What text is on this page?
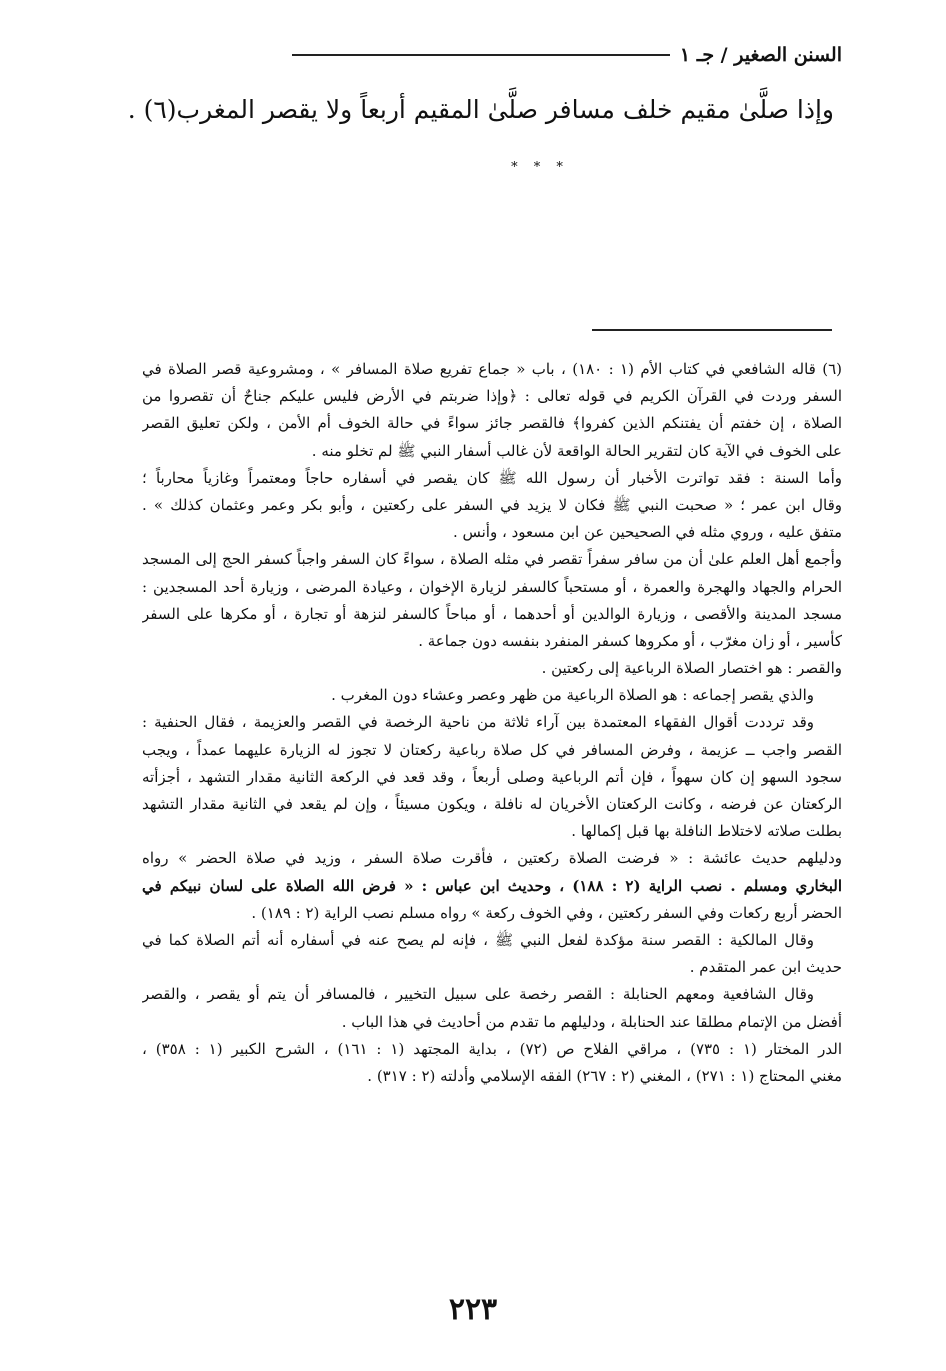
السنن الصغير / جـ ١
وإذا صلَّىٰ مقيم خلف مسافر صلَّىٰ المقيم أربعاً ولا يقصر المغرب(٦) .
* * *

(٦) قاله الشافعي في كتاب الأم (١ : ١٨٠) ، باب « جماع تفريع صلاة المسافر » ، ومشروعية قصر الصلاة في

السفر وردت في القرآن الكريم في قوله تعالى : ﴿وإذا ضربتم في الأرض فليس عليكم جناحٌ أن تقصروا من

الصلاة ، إن خفتم أن يفتنكم الذين كفروا﴾ فالقصر جائز سواءً في حالة الخوف أم الأمن ، ولكن تعليق القصر

على الخوف في الآية كان لتقرير الحالة الواقعة لأن غالب أسفار النبي ﷺ لم تخلو منه .

وأما السنة : فقد تواترت الأخبار أن رسول الله ﷺ كان يقصر في أسفاره حاجاً ومعتمراً وغازياً محارباً ؛

وقال ابن عمر ؛ « صحبت النبي ﷺ فكان لا يزيد في السفر على ركعتين ، وأبو بكر وعمر وعثمان كذلك » .

متفق عليه ، وروي مثله في الصحيحين عن ابن مسعود ، وأنس .

وأجمع أهل العلم علىٰ أن من سافر سفراً تقصر في مثله الصلاة ، سواءً كان السفر واجباً كسفر الحج إلى المسجد

الحرام والجهاد والهجرة والعمرة ، أو مستحباً كالسفر لزيارة الإخوان ، وعيادة المرضى ، وزيارة أحد المسجدين :

مسجد المدينة والأقصى ، وزيارة الوالدين أو أحدهما ، أو مباحاً كالسفر لنزهة أو تجارة ، أو مكرها على السفر

كأسير ، أو زان مغرّب ، أو مكروها كسفر المنفرد بنفسه دون جماعة .

والقصر : هو اختصار الصلاة الرباعية إلى ركعتين .

والذي يقصر إجماعه : هو الصلاة الرباعية من ظهر وعصر وعشاء دون المغرب .

وقد ترددت أقوال الفقهاء المعتمدة بين آراء ثلاثة من ناحية الرخصة في القصر والعزيمة ، فقال الحنفية :

القصر واجب ــ عزيمة ، وفرض المسافر في كل صلاة رباعية ركعتان لا تجوز له الزيارة عليهما عمداً ، ويجب

سجود السهو إن كان سهواً ، فإن أتم الرباعية وصلى أربعاً ، وقد قعد في الركعة الثانية مقدار التشهد ، أجزأته

الركعتان عن فرضه ، وكانت الركعتان الأخريان له نافلة ، ويكون مسيئاً ، وإن لم يقعد في الثانية مقدار التشهد

بطلت صلاته لاختلاط النافلة بها قبل إكمالها .

ودليلهم حديث عائشة : « فرضت الصلاة ركعتين ، فأقرت صلاة السفر ، وزيد في صلاة الحضر » رواه

البخاري ومسلم . نصب الراية (٢ : ١٨٨) ، وحديث ابن عباس : « فرض الله الصلاة على لسان نبيكم في

الحضر أربع ركعات وفي السفر ركعتين ، وفي الخوف ركعة » رواه مسلم نصب الراية (٢ : ١٨٩) .

وقال المالكية : القصر سنة مؤكدة لفعل النبي ﷺ ، فإنه لم يصح عنه في أسفاره أنه أتم الصلاة كما في

حديث ابن عمر المتقدم .

وقال الشافعية ومعهم الحنابلة : القصر رخصة على سبيل التخيير ، فالمسافر أن يتم أو يقصر ، والقصر

أفضل من الإتمام مطلقا عند الحنابلة ، ودليلهم ما تقدم من أحاديث في هذا الباب .

الدر المختار (١ : ٧٣٥) ، مراقي الفلاح ص (٧٢) ، بداية المجتهد (١ : ١٦١) ، الشرح الكبير (١ : ٣٥٨) ،

مغني المحتاج (١ : ٢٧١) ، المغني (٢ : ٢٦٧) الفقه الإسلامي وأدلته (٢ : ٣١٧) .

٢٢٣
